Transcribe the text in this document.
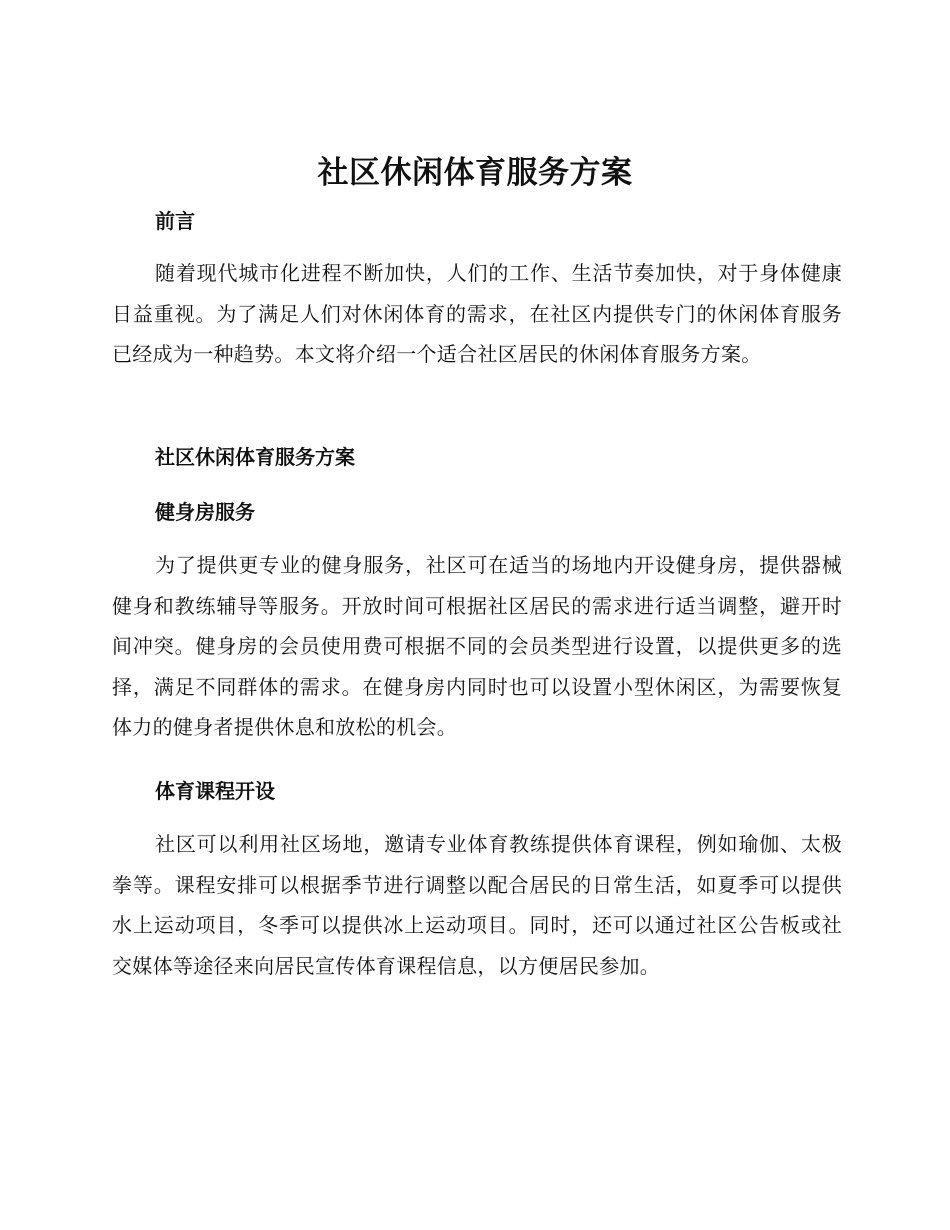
社区休闲体育服务方案
前言
随着现代城市化进程不断加快，人们的工作、生活节奏加快，对于身体健康日益重视。为了满足人们对休闲体育的需求，在社区内提供专门的休闲体育服务已经成为一种趋势。本文将介绍一个适合社区居民的休闲体育服务方案。
社区休闲体育服务方案
健身房服务
为了提供更专业的健身服务，社区可在适当的场地内开设健身房，提供器械健身和教练辅导等服务。开放时间可根据社区居民的需求进行适当调整，避开时间冲突。健身房的会员使用费可根据不同的会员类型进行设置，以提供更多的选择，满足不同群体的需求。在健身房内同时也可以设置小型休闲区，为需要恢复体力的健身者提供休息和放松的机会。
体育课程开设
社区可以利用社区场地，邀请专业体育教练提供体育课程，例如瑜伽、太极拳等。课程安排可以根据季节进行调整以配合居民的日常生活，如夏季可以提供水上运动项目，冬季可以提供冰上运动项目。同时，还可以通过社区公告板或社交媒体等途径来向居民宣传体育课程信息，以方便居民参加。
